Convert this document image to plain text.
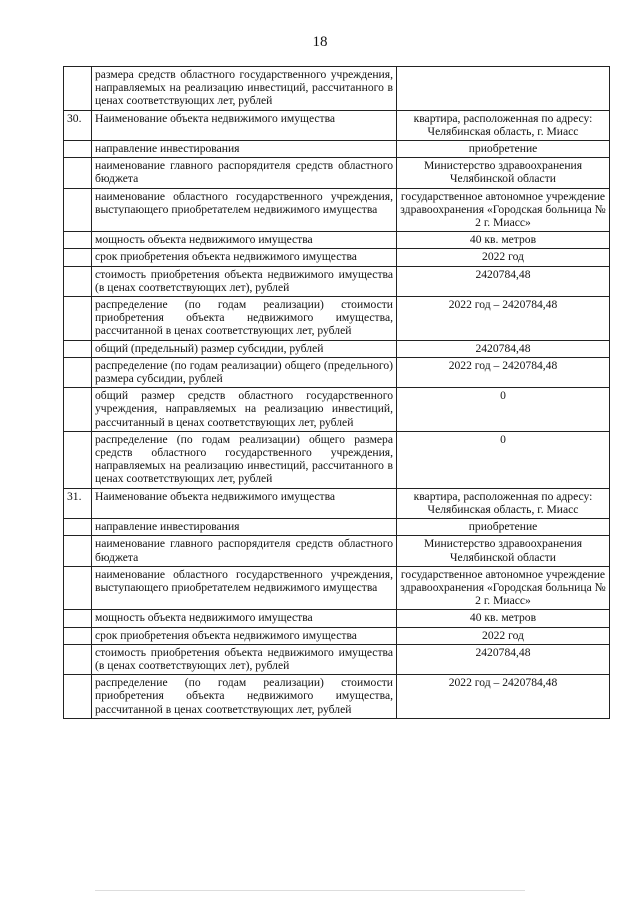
18
	размера средств областного государственного учреждения, направляемых на реализацию инвестиций, рассчитанного в ценах соответствующих лет, рублей	
30.	Наименование объекта недвижимого имущества	квартира, расположенная по адресу: Челябинская область, г. Миасс
	направление инвестирования	приобретение
	наименование главного распорядителя средств областного бюджета	Министерство здравоохранения Челябинской области
	наименование областного государственного учреждения, выступающего приобретателем недвижимого имущества	государственное автономное учреждение здравоохранения «Городская больница № 2 г. Миасс»
	мощность объекта недвижимого имущества	40 кв. метров
	срок приобретения объекта недвижимого имущества	2022 год
	стоимость приобретения объекта недвижимого имущества (в ценах соответствующих лет), рублей	2420784,48
	распределение (по годам реализации) стоимости приобретения объекта недвижимого имущества, рассчитанной в ценах соответствующих лет, рублей	2022 год – 2420784,48
	общий (предельный) размер субсидии, рублей	2420784,48
	распределение (по годам реализации) общего (предельного) размера субсидии, рублей	2022 год – 2420784,48
	общий размер средств областного государственного учреждения, направляемых на реализацию инвестиций, рассчитанный в ценах соответствующих лет, рублей	0
	распределение (по годам реализации) общего размера средств областного государственного учреждения, направляемых на реализацию инвестиций, рассчитанного в ценах соответствующих лет, рублей	0
31.	Наименование объекта недвижимого имущества	квартира, расположенная по адресу: Челябинская область, г. Миасс
	направление инвестирования	приобретение
	наименование главного распорядителя средств областного бюджета	Министерство здравоохранения Челябинской области
	наименование областного государственного учреждения, выступающего приобретателем недвижимого имущества	государственное автономное учреждение здравоохранения «Городская больница № 2 г. Миасс»
	мощность объекта недвижимого имущества	40 кв. метров
	срок приобретения объекта недвижимого имущества	2022 год
	стоимость приобретения объекта недвижимого имущества (в ценах соответствующих лет), рублей	2420784,48
	распределение (по годам реализации) стоимости приобретения объекта недвижимого имущества, рассчитанной в ценах соответствующих лет, рублей	2022 год – 2420784,48
